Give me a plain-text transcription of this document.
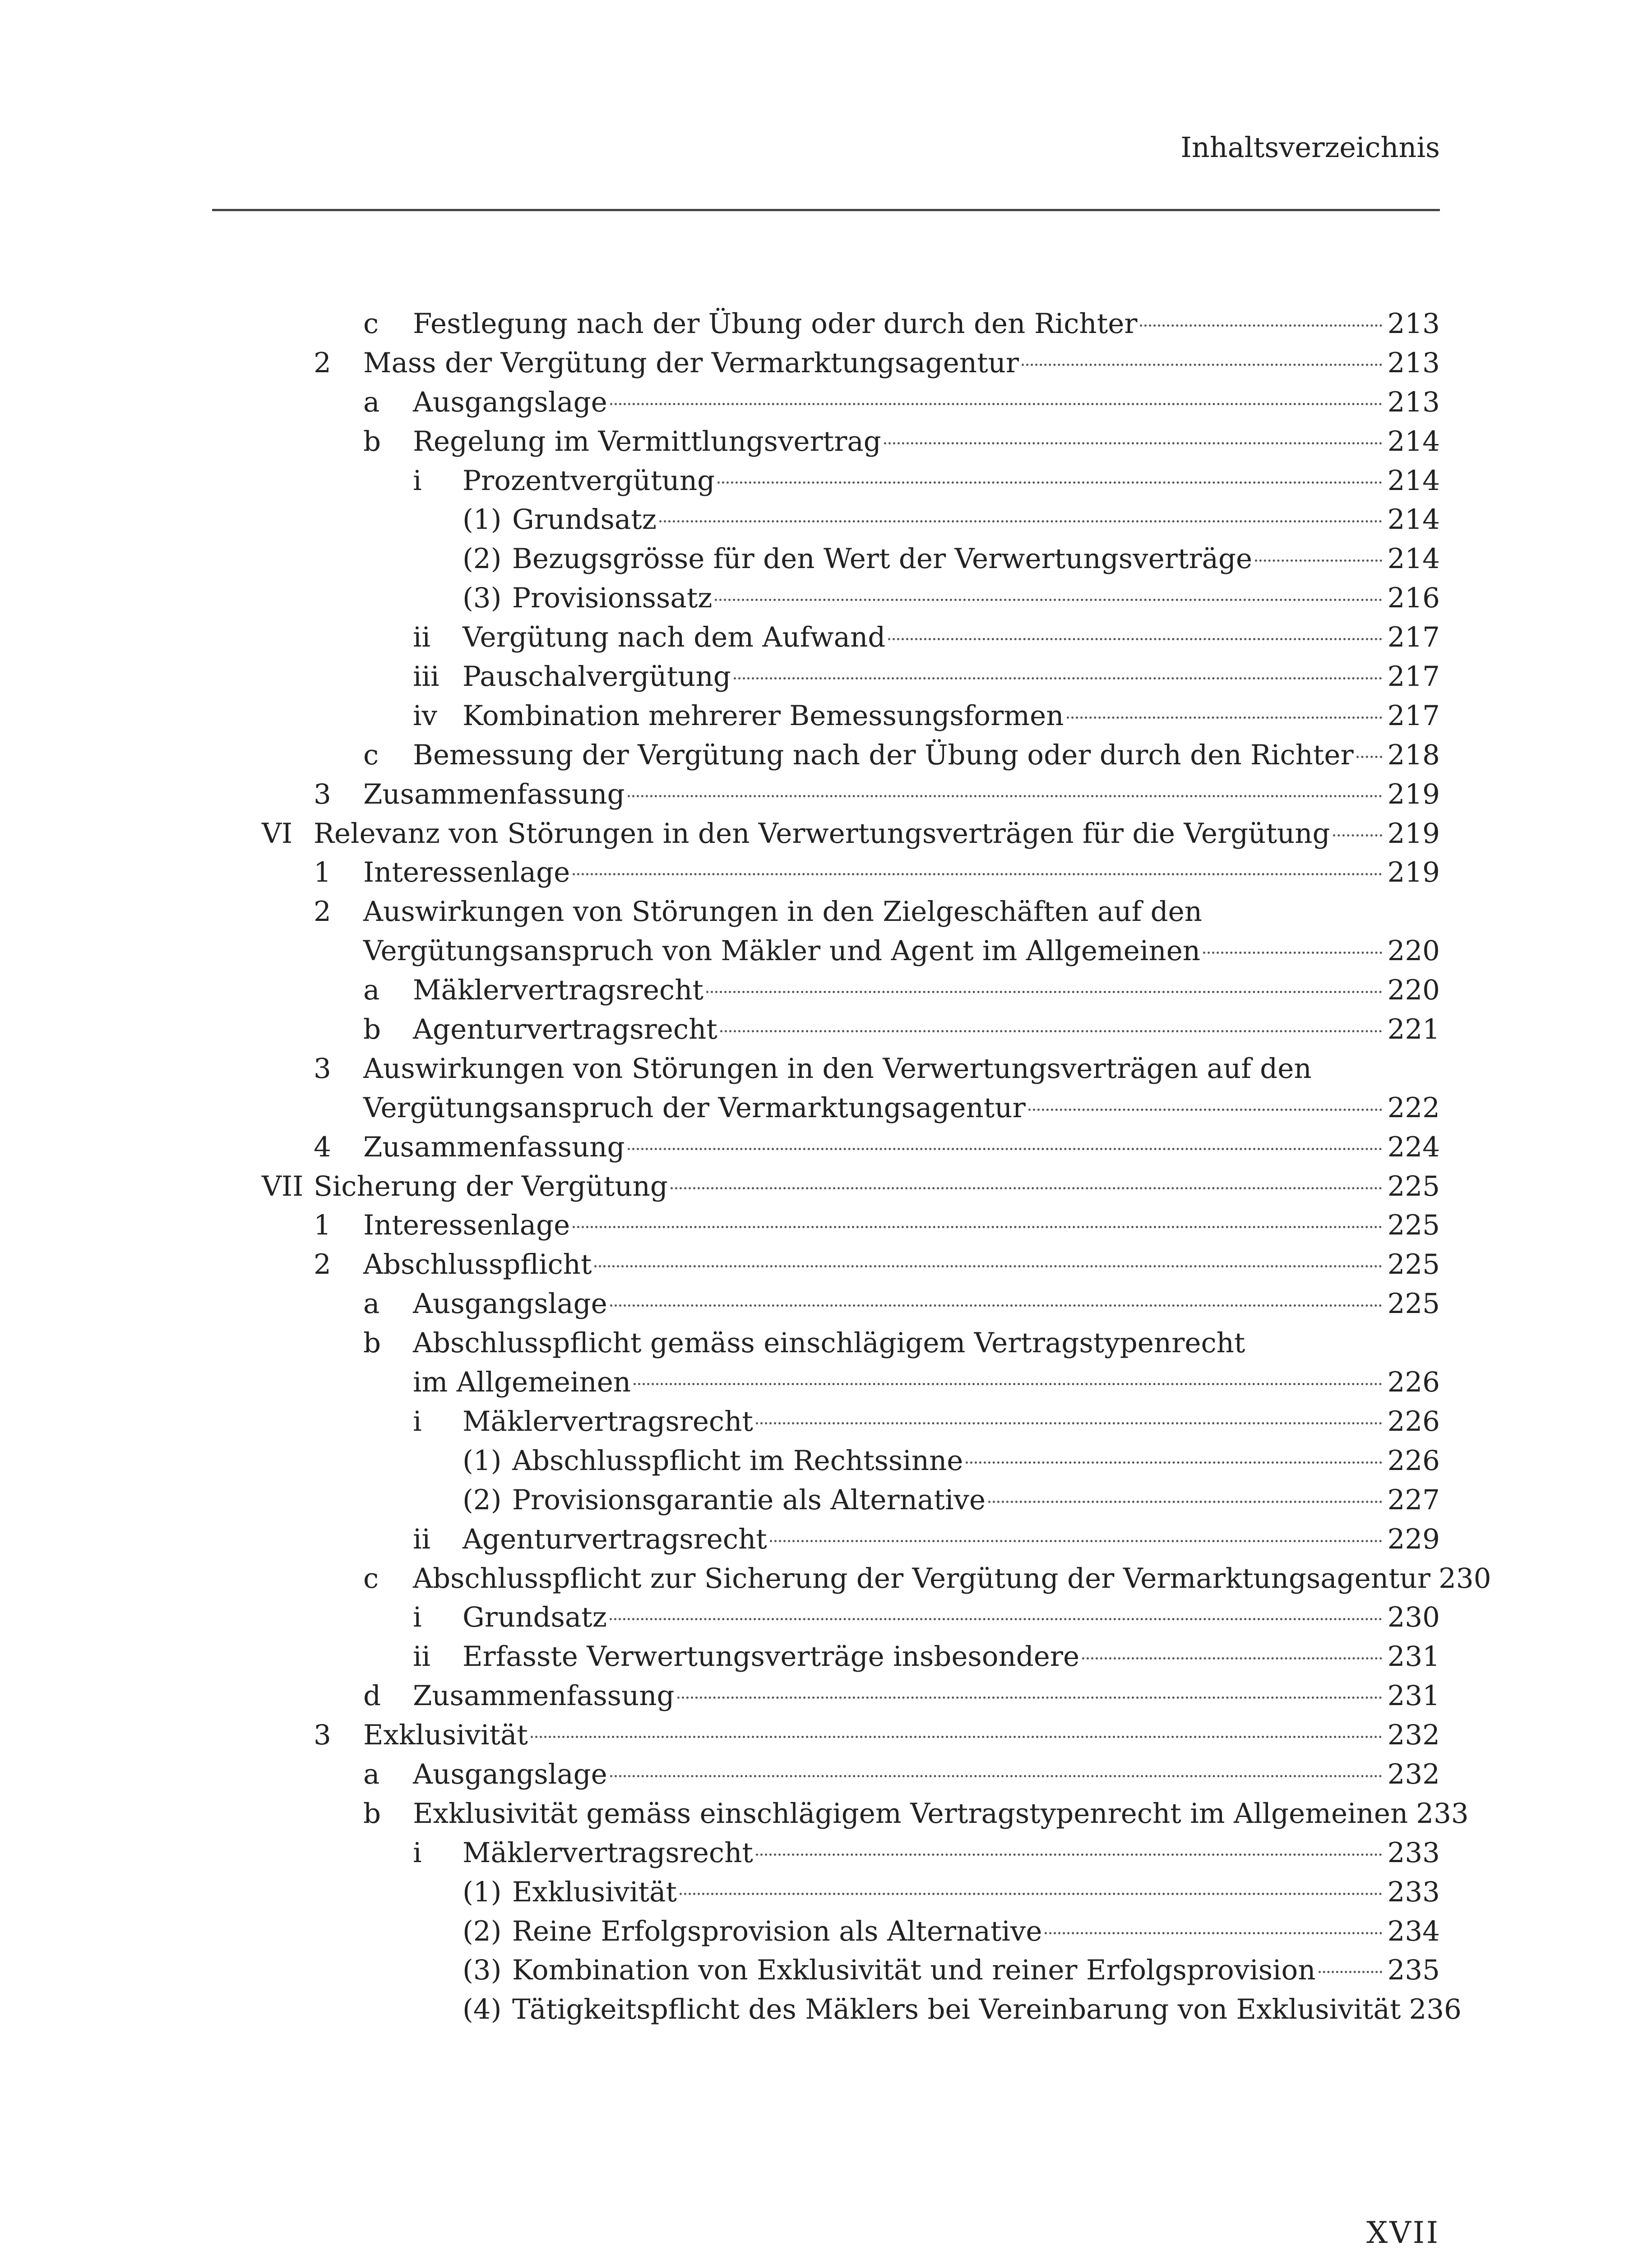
Inhaltsverzeichnis
c Festlegung nach der Übung oder durch den Richter	213
2 Mass der Vergütung der Vermarktungsagentur	213
a Ausgangslage	213
b Regelung im Vermittlungsvertrag	214
i Prozentvergütung	214
(1) Grundsatz	214
(2) Bezugsgrösse für den Wert der Verwertungsverträge	214
(3) Provisionssatz	216
ii Vergütung nach dem Aufwand	217
iii Pauschalvergütung	217
iv Kombination mehrerer Bemessungsformen	217
c Bemessung der Vergütung nach der Übung oder durch den Richter 218
3 Zusammenfassung	219
VI Relevanz von Störungen in den Verwertungsverträgen für die Vergütung 219
1 Interessenlage	219
2 Auswirkungen von Störungen in den Zielgeschäften auf den
Vergütungsanspruch von Mäkler und Agent im Allgemeinen	220
a Mäklervertragsrecht	220
b Agenturvertragsrecht	221
3 Auswirkungen von Störungen in den Verwertungsverträgen auf den
Vergütungsanspruch der Vermarktungsagentur	222
4 Zusammenfassung	224
VII Sicherung der Vergütung	225
1 Interessenlage	225
2 Abschlusspflicht	225
a Ausgangslage	225
b Abschlusspflicht gemäss einschlägigem Vertragstypenrecht
im Allgemeinen	226
i Mäklervertragsrecht	226
(1) Abschlusspflicht im Rechtssinne	226
(2) Provisionsgarantie als Alternative	227
ii Agenturvertragsrecht	229
c Abschlusspflicht zur Sicherung der Vergütung der Vermarktungsagentur 230
i Grundsatz	230
ii Erfasste Verwertungsverträge insbesondere	231
d Zusammenfassung	231
3 Exklusivität	232
a Ausgangslage	232
b Exklusivität gemäss einschlägigem Vertragstypenrecht im Allgemeinen 233
i Mäklervertragsrecht	233
(1) Exklusivität	233
(2) Reine Erfolgsprovision als Alternative	234
(3) Kombination von Exklusivität und reiner Erfolgsprovision	235
(4) Tätigkeitspflicht des Mäklers bei Vereinbarung von Exklusivität 236
XVII
